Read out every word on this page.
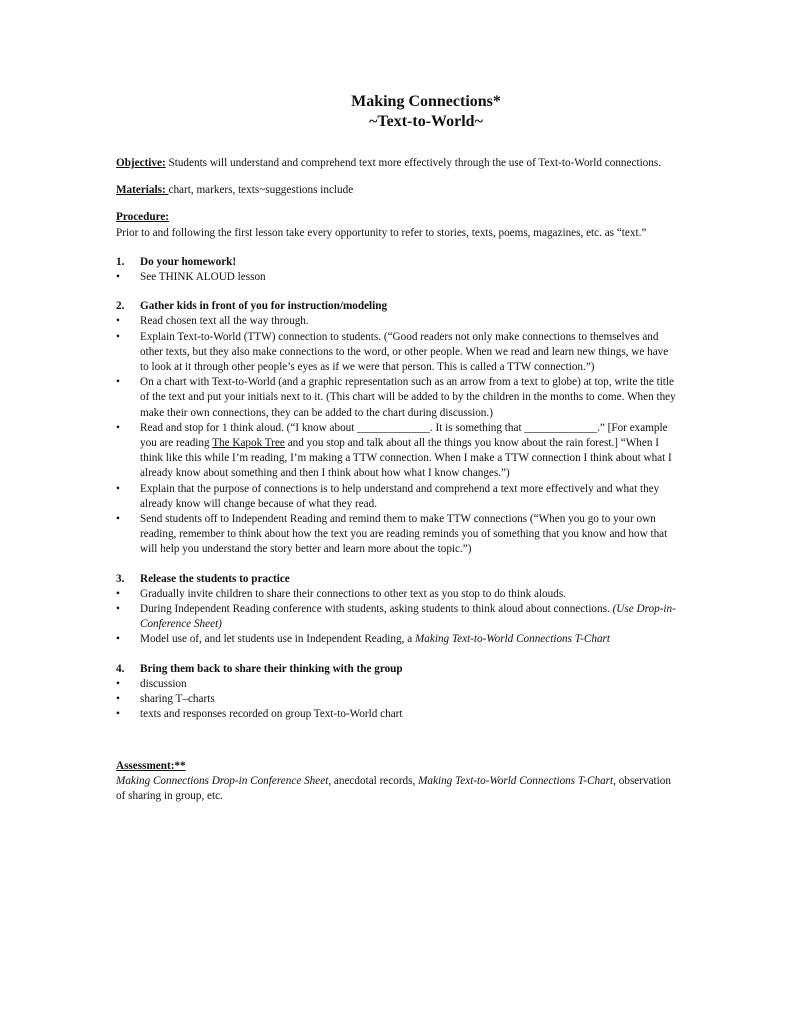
Making Connections*
~Text-to-World~
Objective: Students will understand and comprehend text more effectively through the use of Text-to-World connections.
Materials: chart, markers, texts~suggestions include
Procedure:
Prior to and following the first lesson take every opportunity to refer to stories, texts, poems, magazines, etc. as “text.”
1.	Do your homework!
•	See THINK ALOUD lesson
2.	Gather kids in front of you for instruction/modeling
•	Read chosen text all the way through.
•	Explain Text-to-World (TTW) connection to students. (“Good readers not only make connections to themselves and other texts, but they also make connections to the word, or other people. When we read and learn new things, we have to look at it through other people’s eyes as if we were that person. This is called a TTW connection.”)
•	On a chart with Text-to-World (and a graphic representation such as an arrow from a text to globe) at top, write the title of the text and put your initials next to it. (This chart will be added to by the children in the months to come. When they make their own connections, they can be added to the chart during discussion.)
•	Read and stop for 1 think aloud. (“I know about _____________. It is something that _____________.” [For example you are reading The Kapok Tree and you stop and talk about all the things you know about the rain forest.] “When I think like this while I’m reading, I’m making a TTW connection. When I make a TTW connection I think about what I already know about something and then I think about how what I know changes.”)
•	Explain that the purpose of connections is to help understand and comprehend a text more effectively and what they already know will change because of what they read.
•	Send students off to Independent Reading and remind them to make TTW connections (“When you go to your own reading, remember to think about how the text you are reading reminds you of something that you know and how that will help you understand the story better and learn more about the topic.”)
3.	Release the students to practice
•	Gradually invite children to share their connections to other text as you stop to do think alouds.
•	During Independent Reading conference with students, asking students to think aloud about connections. (Use Drop-in-Conference Sheet)
•	Model use of, and let students use in Independent Reading, a Making Text-to-World Connections T-Chart
4.	Bring them back to share their thinking with the group
•	discussion
•	sharing T–charts
•	texts and responses recorded on group Text-to-World chart
Assessment:**
Making Connections Drop-in Conference Sheet, anecdotal records, Making Text-to-World Connections T-Chart, observation of sharing in group, etc.
